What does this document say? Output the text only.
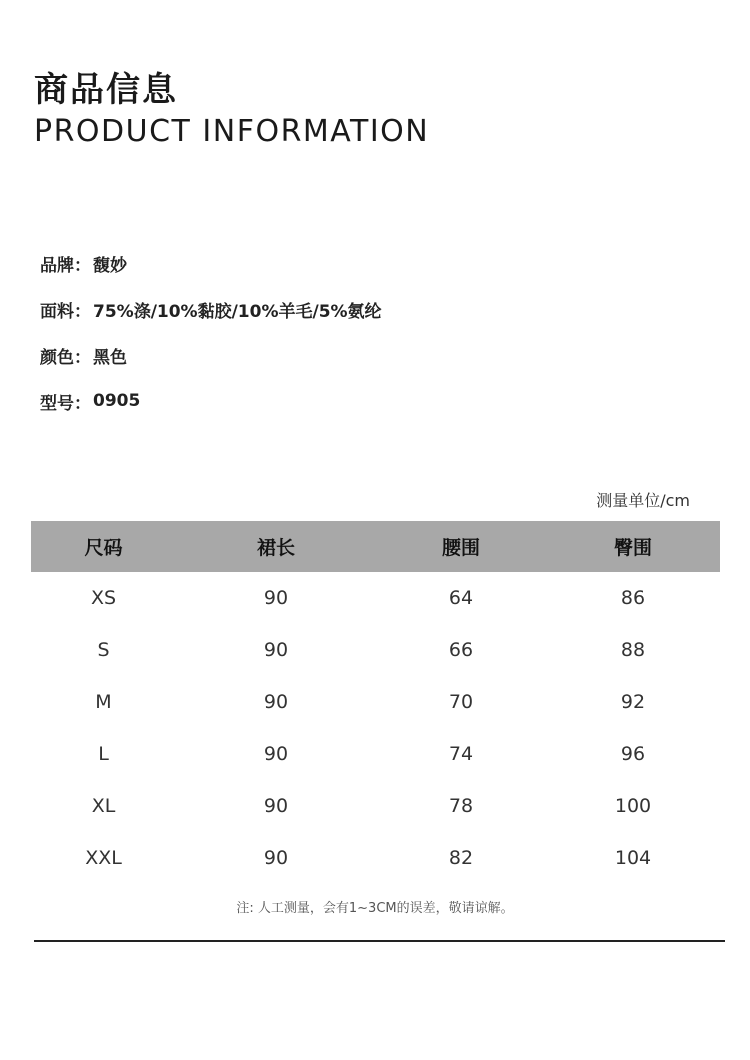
商品信息
PRODUCT INFORMATION
品牌： 馥妙
面料： 75%涤/10%黏胶/10%羊毛/5%氨纶
颜色： 黑色
型号： 0905
测量单位/cm
尺码	裙长	腰围	臀围
XS	90	64	86
S	90	66	88
M	90	70	92
L	90	74	96
XL	90	78	100
XXL	90	82	104
注: 人工测量，会有1~3CM的误差，敬请谅解。
